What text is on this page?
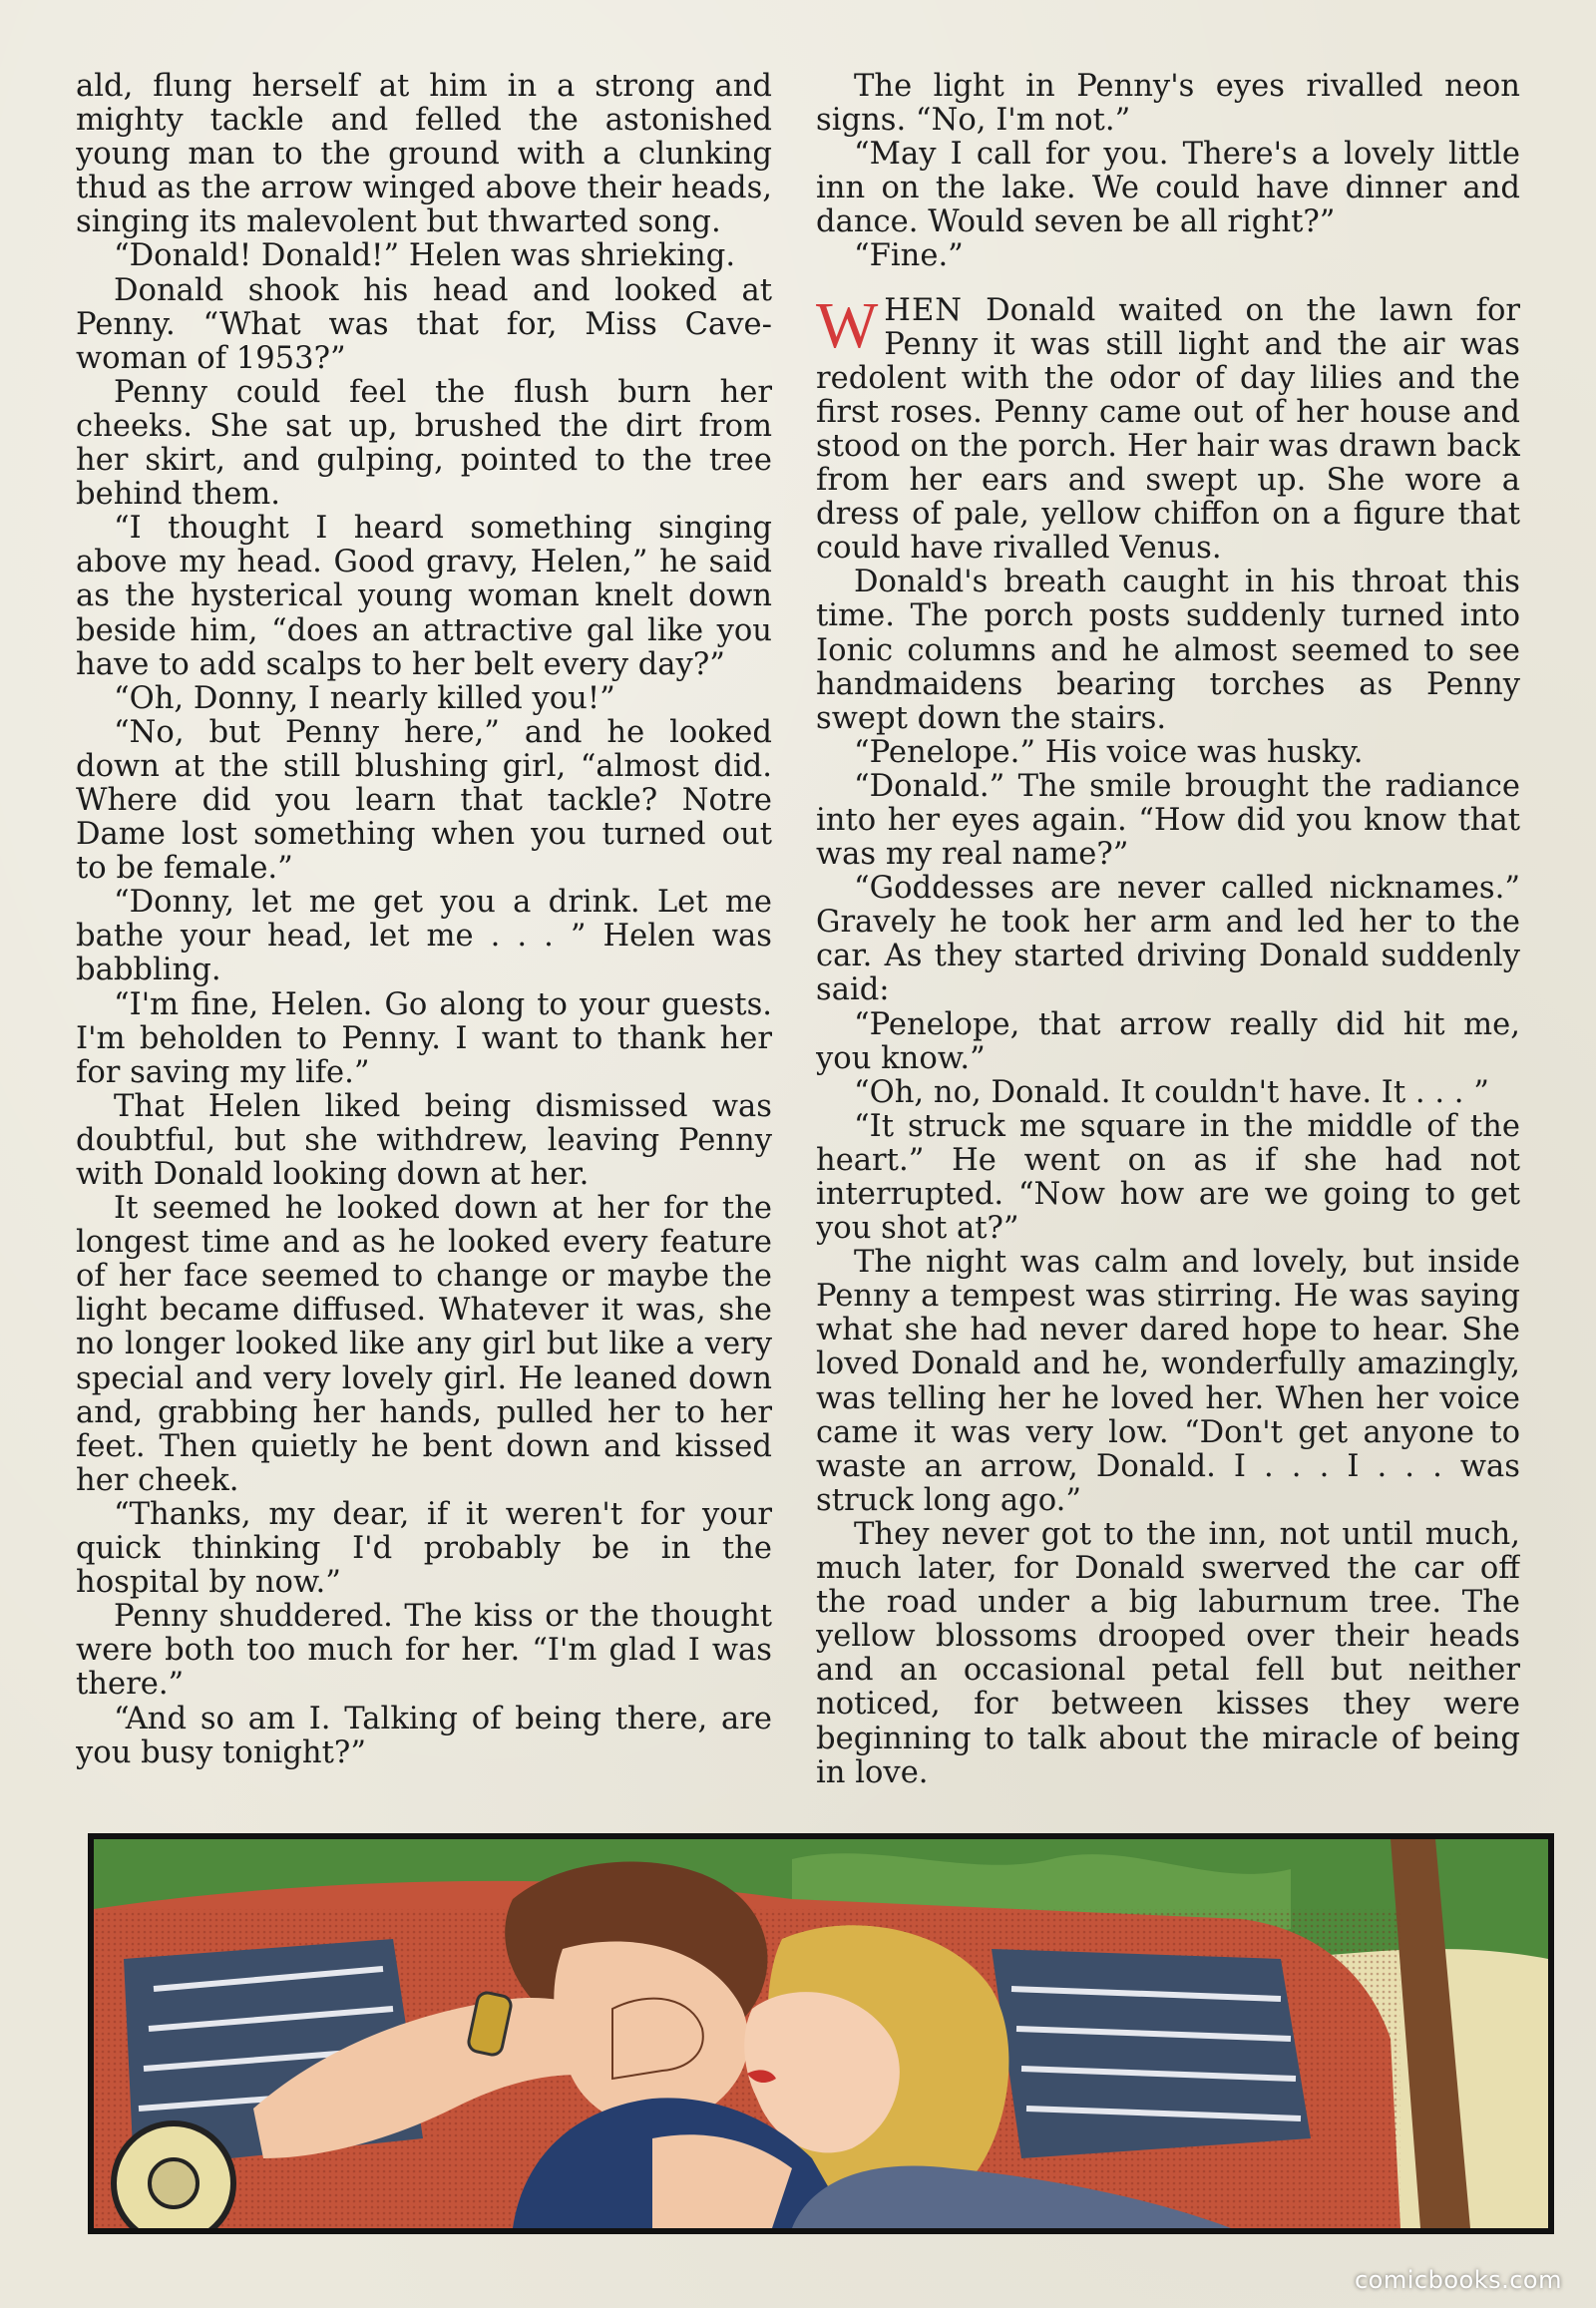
ald, flung herself at him in a strong and mighty tackle and felled the astonished young man to the ground with a clunking thud as the arrow winged above their heads, singing its malevolent but thwarted song.

“Donald! Donald!” Helen was shrieking.

Donald shook his head and looked at Penny. “What was that for, Miss Cave-woman of 1953?”

Penny could feel the flush burn her cheeks. She sat up, brushed the dirt from her skirt, and gulping, pointed to the tree behind them.

“I thought I heard something singing above my head. Good gravy, Helen,” he said as the hysterical young woman knelt down beside him, “does an attractive gal like you have to add scalps to her belt every day?”

“Oh, Donny, I nearly killed you!”

“No, but Penny here,” and he looked down at the still blushing girl, “almost did. Where did you learn that tackle? Notre Dame lost something when you turned out to be female.”

“Donny, let me get you a drink. Let me bathe your head, let me . . . ” Helen was babbling.

“I'm fine, Helen. Go along to your guests. I'm beholden to Penny. I want to thank her for saving my life.”

That Helen liked being dismissed was doubtful, but she withdrew, leaving Penny with Donald looking down at her.

It seemed he looked down at her for the longest time and as he looked every feature of her face seemed to change or maybe the light became diffused. Whatever it was, she no longer looked like any girl but like a very special and very lovely girl. He leaned down and, grabbing her hands, pulled her to her feet. Then quietly he bent down and kissed her cheek.

“Thanks, my dear, if it weren't for your quick thinking I'd probably be in the hospital by now.”

Penny shuddered. The kiss or the thought were both too much for her. “I'm glad I was there.”

“And so am I. Talking of being there, are you busy tonight?”

The light in Penny's eyes rivalled neon signs. “No, I'm not.”

“May I call for you. There's a lovely little inn on the lake. We could have dinner and dance. Would seven be all right?”

“Fine.”

WHEN Donald waited on the lawn for Penny it was still light and the air was redolent with the odor of day lilies and the first roses. Penny came out of her house and stood on the porch. Her hair was drawn back from her ears and swept up. She wore a dress of pale, yellow chiffon on a figure that could have rivalled Venus.

Donald's breath caught in his throat this time. The porch posts suddenly turned into Ionic columns and he almost seemed to see handmaidens bearing torches as Penny swept down the stairs.

“Penelope.” His voice was husky.

“Donald.” The smile brought the radiance into her eyes again. “How did you know that was my real name?”

“Goddesses are never called nicknames.” Gravely he took her arm and led her to the car. As they started driving Donald suddenly said:

“Penelope, that arrow really did hit me, you know.”

“Oh, no, Donald. It couldn't have. It . . . ”

“It struck me square in the middle of the heart.” He went on as if she had not interrupted. “Now how are we going to get you shot at?”

The night was calm and lovely, but inside Penny a tempest was stirring. He was saying what she had never dared hope to hear. She loved Donald and he, wonderfully amazingly, was telling her he loved her. When her voice came it was very low. “Don't get anyone to waste an arrow, Donald. I . . . I . . . was struck long ago.”

They never got to the inn, not until much, much later, for Donald swerved the car off the road under a big laburnum tree. The yellow blossoms drooped over their heads and an occasional petal fell but neither noticed, for between kisses they were beginning to talk about the miracle of being in love.

comicbooks.com
